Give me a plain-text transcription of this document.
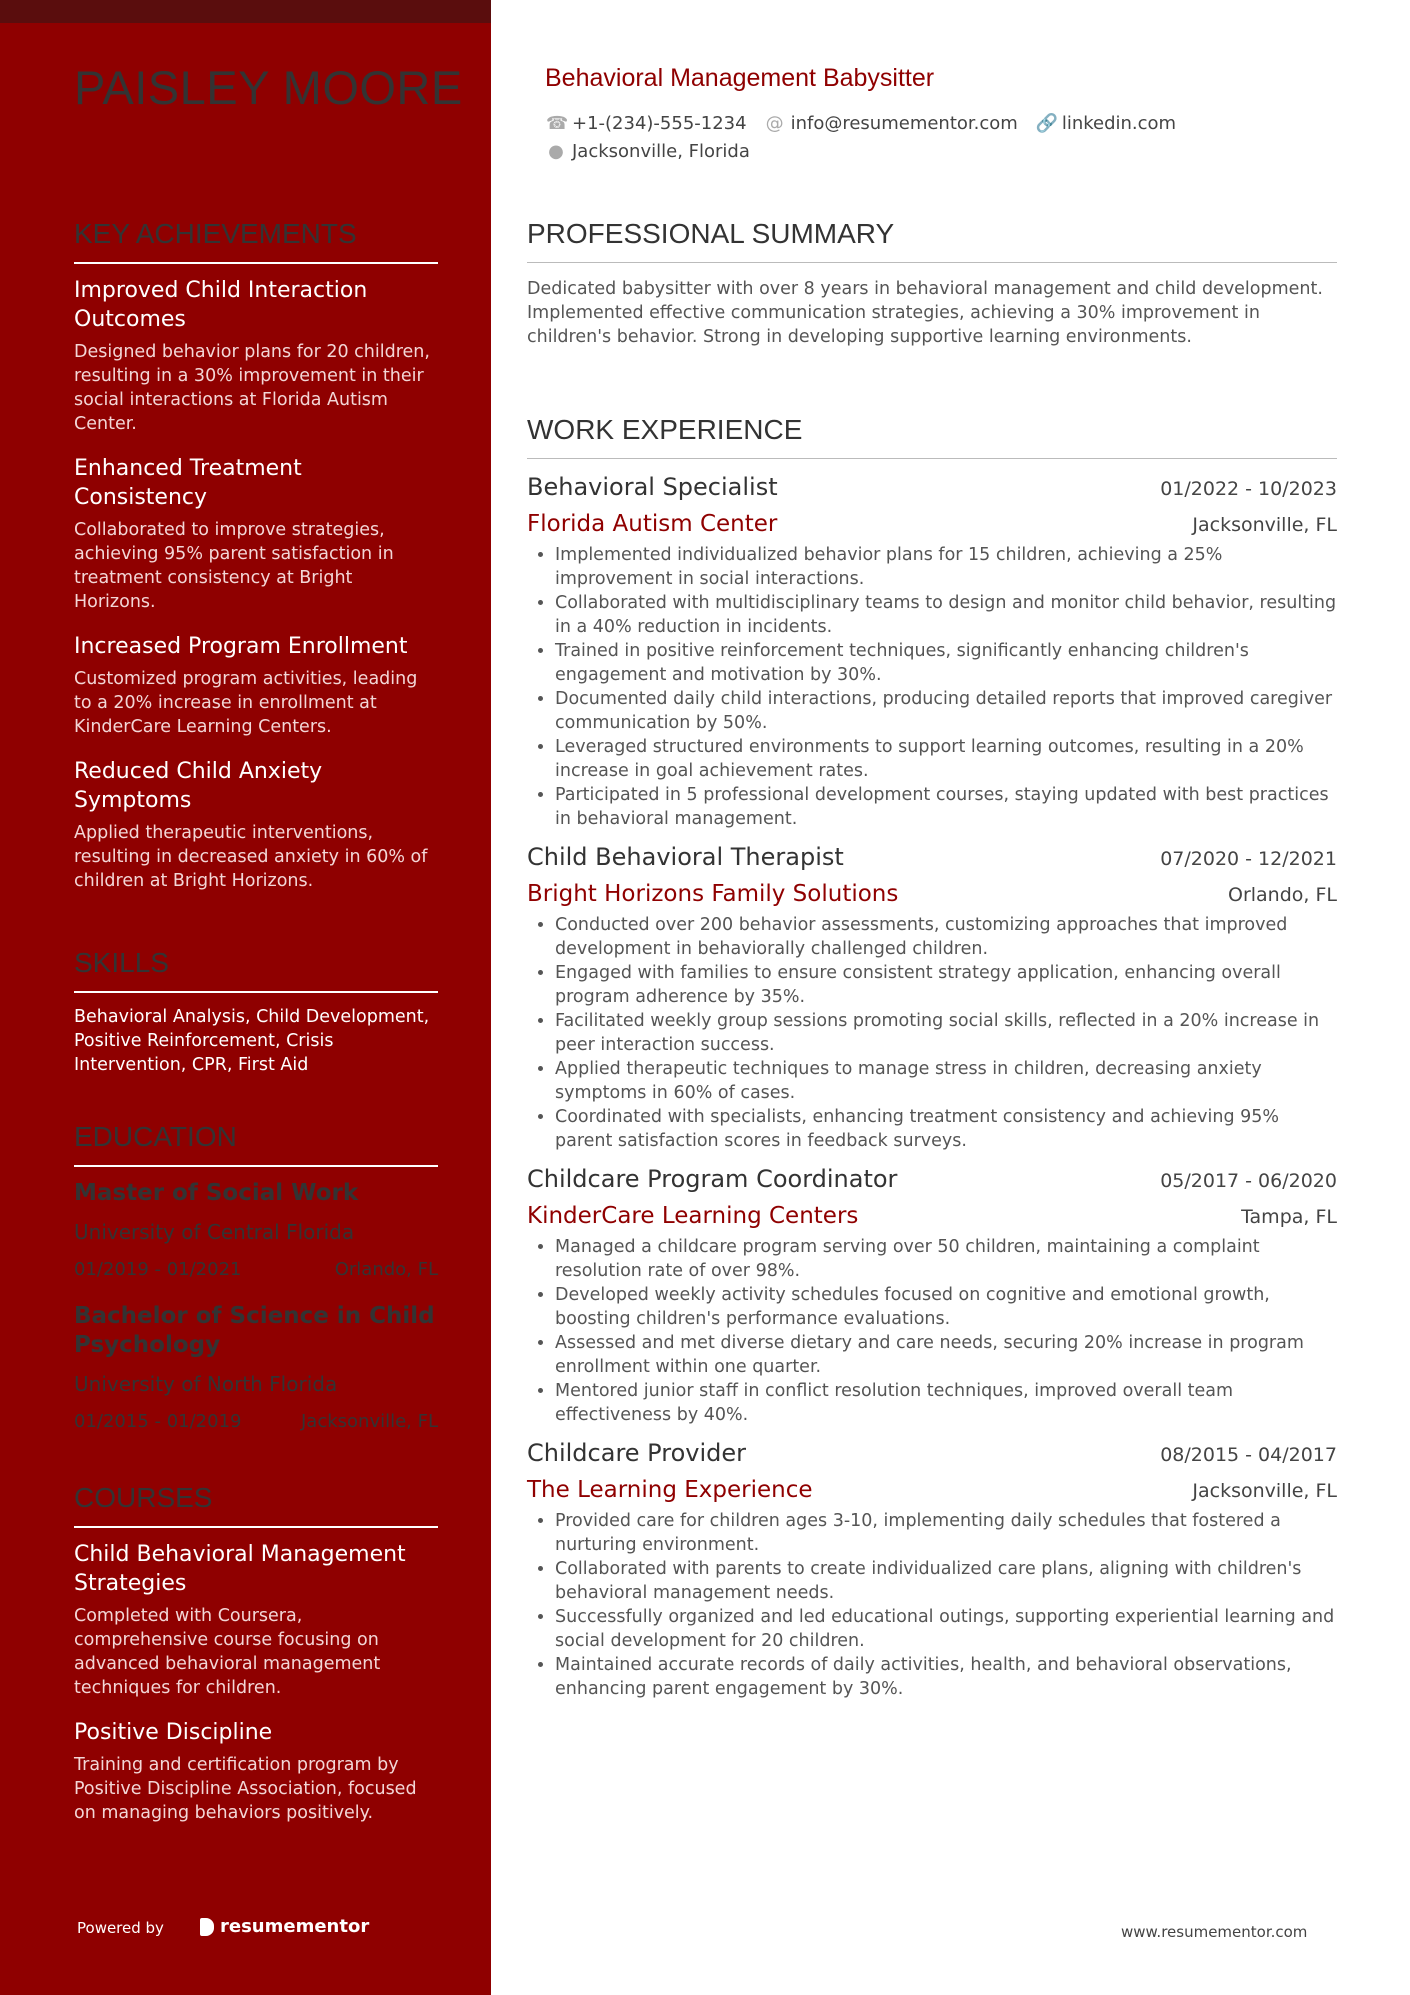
PAISLEY MOORE
KEY ACHIEVEMENTS
Improved Child Interaction Outcomes
Designed behavior plans for 20 children, resulting in a 30% improvement in their social interactions at Florida Autism Center.
Enhanced Treatment Consistency
Collaborated to improve strategies, achieving 95% parent satisfaction in treatment consistency at Bright Horizons.
Increased Program Enrollment
Customized program activities, leading to a 20% increase in enrollment at KinderCare Learning Centers.
Reduced Child Anxiety Symptoms
Applied therapeutic interventions, resulting in decreased anxiety in 60% of children at Bright Horizons.
SKILLS
Behavioral Analysis, Child Development, Positive Reinforcement, Crisis Intervention, CPR, First Aid
EDUCATION
Master of Social Work
University of Central Florida
01/2019 - 01/2021	Orlando, FL
Bachelor of Science in Child Psychology
University of North Florida
01/2015 - 01/2019	Jacksonville, FL
COURSES
Child Behavioral Management Strategies
Completed with Coursera, comprehensive course focusing on advanced behavioral management techniques for children.
Positive Discipline
Training and certification program by Positive Discipline Association, focused on managing behaviors positively.
Powered by	resumementor
Behavioral Management Babysitter
☎ +1-(234)-555-1234 @ info@resumementor.com 🔗 linkedin.com
● Jacksonville, Florida
PROFESSIONAL SUMMARY
Dedicated babysitter with over 8 years in behavioral management and child development. Implemented effective communication strategies, achieving a 30% improvement in children's behavior. Strong in developing supportive learning environments.
WORK EXPERIENCE
Behavioral Specialist	01/2022 - 10/2023
Florida Autism Center	Jacksonville, FL
• Implemented individualized behavior plans for 15 children, achieving a 25% improvement in social interactions.
• Collaborated with multidisciplinary teams to design and monitor child behavior, resulting in a 40% reduction in incidents.
• Trained in positive reinforcement techniques, significantly enhancing children's engagement and motivation by 30%.
• Documented daily child interactions, producing detailed reports that improved caregiver communication by 50%.
• Leveraged structured environments to support learning outcomes, resulting in a 20% increase in goal achievement rates.
• Participated in 5 professional development courses, staying updated with best practices in behavioral management.
Child Behavioral Therapist	07/2020 - 12/2021
Bright Horizons Family Solutions	Orlando, FL
• Conducted over 200 behavior assessments, customizing approaches that improved development in behaviorally challenged children.
• Engaged with families to ensure consistent strategy application, enhancing overall program adherence by 35%.
• Facilitated weekly group sessions promoting social skills, reflected in a 20% increase in peer interaction success.
• Applied therapeutic techniques to manage stress in children, decreasing anxiety symptoms in 60% of cases.
• Coordinated with specialists, enhancing treatment consistency and achieving 95% parent satisfaction scores in feedback surveys.
Childcare Program Coordinator	05/2017 - 06/2020
KinderCare Learning Centers	Tampa, FL
• Managed a childcare program serving over 50 children, maintaining a complaint resolution rate of over 98%.
• Developed weekly activity schedules focused on cognitive and emotional growth, boosting children's performance evaluations.
• Assessed and met diverse dietary and care needs, securing 20% increase in program enrollment within one quarter.
• Mentored junior staff in conflict resolution techniques, improved overall team effectiveness by 40%.
Childcare Provider	08/2015 - 04/2017
The Learning Experience	Jacksonville, FL
• Provided care for children ages 3-10, implementing daily schedules that fostered a nurturing environment.
• Collaborated with parents to create individualized care plans, aligning with children's behavioral management needs.
• Successfully organized and led educational outings, supporting experiential learning and social development for 20 children.
• Maintained accurate records of daily activities, health, and behavioral observations, enhancing parent engagement by 30%.
www.resumementor.com
